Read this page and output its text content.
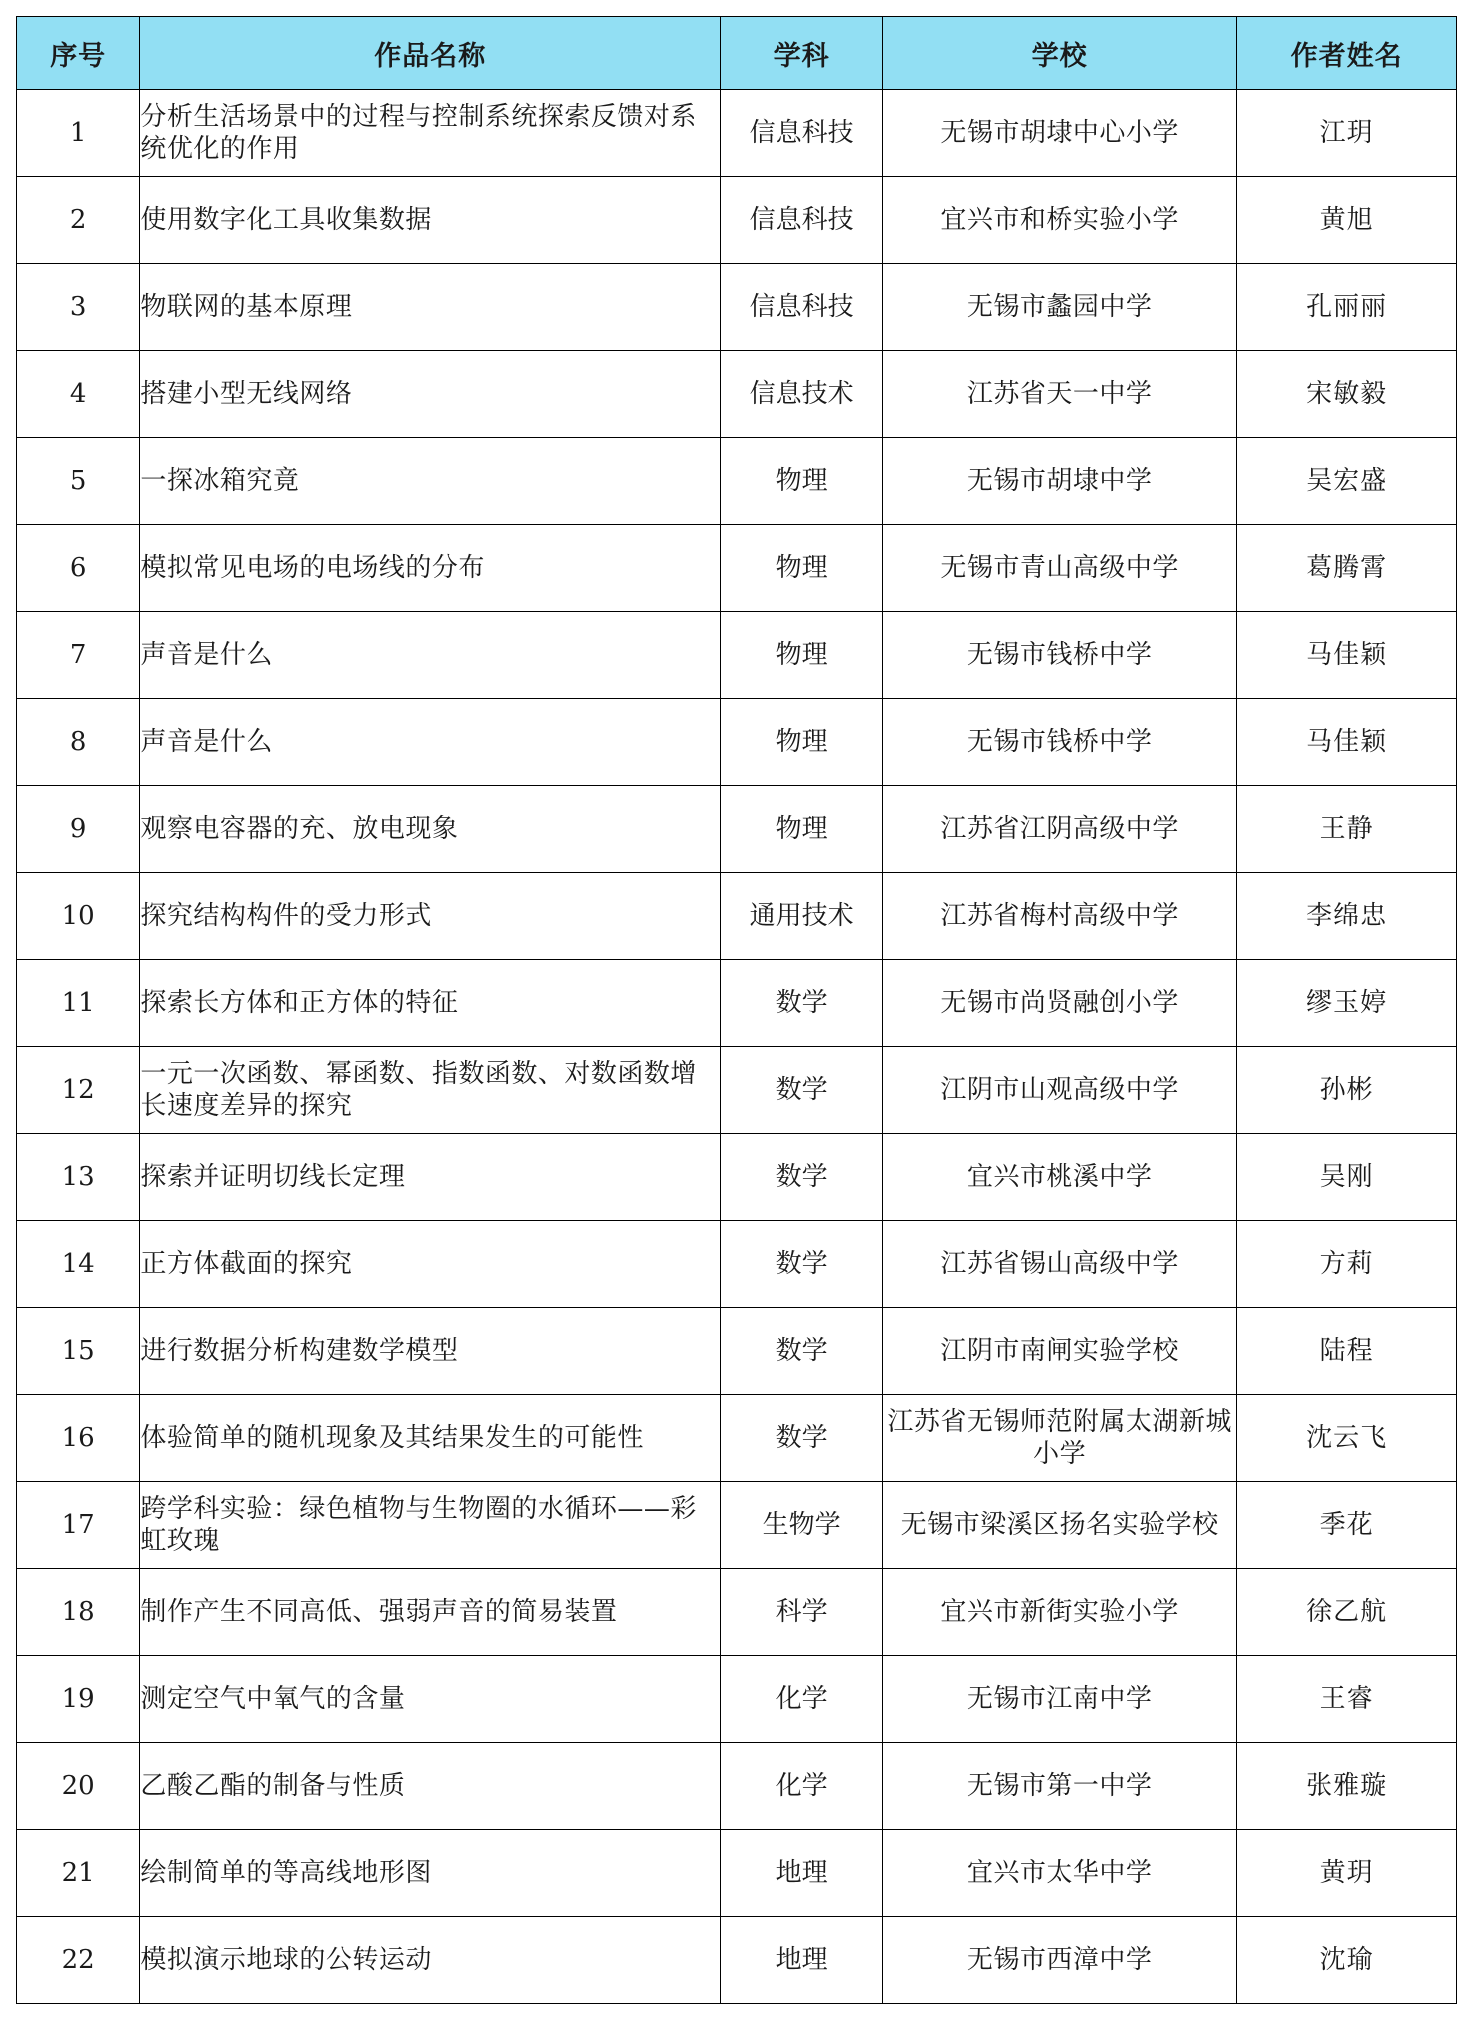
序号	作品名称	学科	学校	作者姓名
1	分析生活场景中的过程与控制系统探索反馈对系统优化的作用	信息科技	无锡市胡埭中心小学	江玥
2	使用数字化工具收集数据	信息科技	宜兴市和桥实验小学	黄旭
3	物联网的基本原理	信息科技	无锡市蠡园中学	孔丽丽
4	搭建小型无线网络	信息技术	江苏省天一中学	宋敏毅
5	一探冰箱究竟	物理	无锡市胡埭中学	吴宏盛
6	模拟常见电场的电场线的分布	物理	无锡市青山高级中学	葛腾霄
7	声音是什么	物理	无锡市钱桥中学	马佳颖
8	声音是什么	物理	无锡市钱桥中学	马佳颖
9	观察电容器的充、放电现象	物理	江苏省江阴高级中学	王静
10	探究结构构件的受力形式	通用技术	江苏省梅村高级中学	李绵忠
11	探索长方体和正方体的特征	数学	无锡市尚贤融创小学	缪玉婷
12	一元一次函数、幂函数、指数函数、对数函数增长速度差异的探究	数学	江阴市山观高级中学	孙彬
13	探索并证明切线长定理	数学	宜兴市桃溪中学	吴刚
14	正方体截面的探究	数学	江苏省锡山高级中学	方莉
15	进行数据分析构建数学模型	数学	江阴市南闸实验学校	陆程
16	体验简单的随机现象及其结果发生的可能性	数学	江苏省无锡师范附属太湖新城小学	沈云飞
17	跨学科实验：绿色植物与生物圈的水循环——彩虹玫瑰	生物学	无锡市梁溪区扬名实验学校	季花
18	制作产生不同高低、强弱声音的简易装置	科学	宜兴市新街实验小学	徐乙航
19	测定空气中氧气的含量	化学	无锡市江南中学	王睿
20	乙酸乙酯的制备与性质	化学	无锡市第一中学	张雅璇
21	绘制简单的等高线地形图	地理	宜兴市太华中学	黄玥
22	模拟演示地球的公转运动	地理	无锡市西漳中学	沈瑜
